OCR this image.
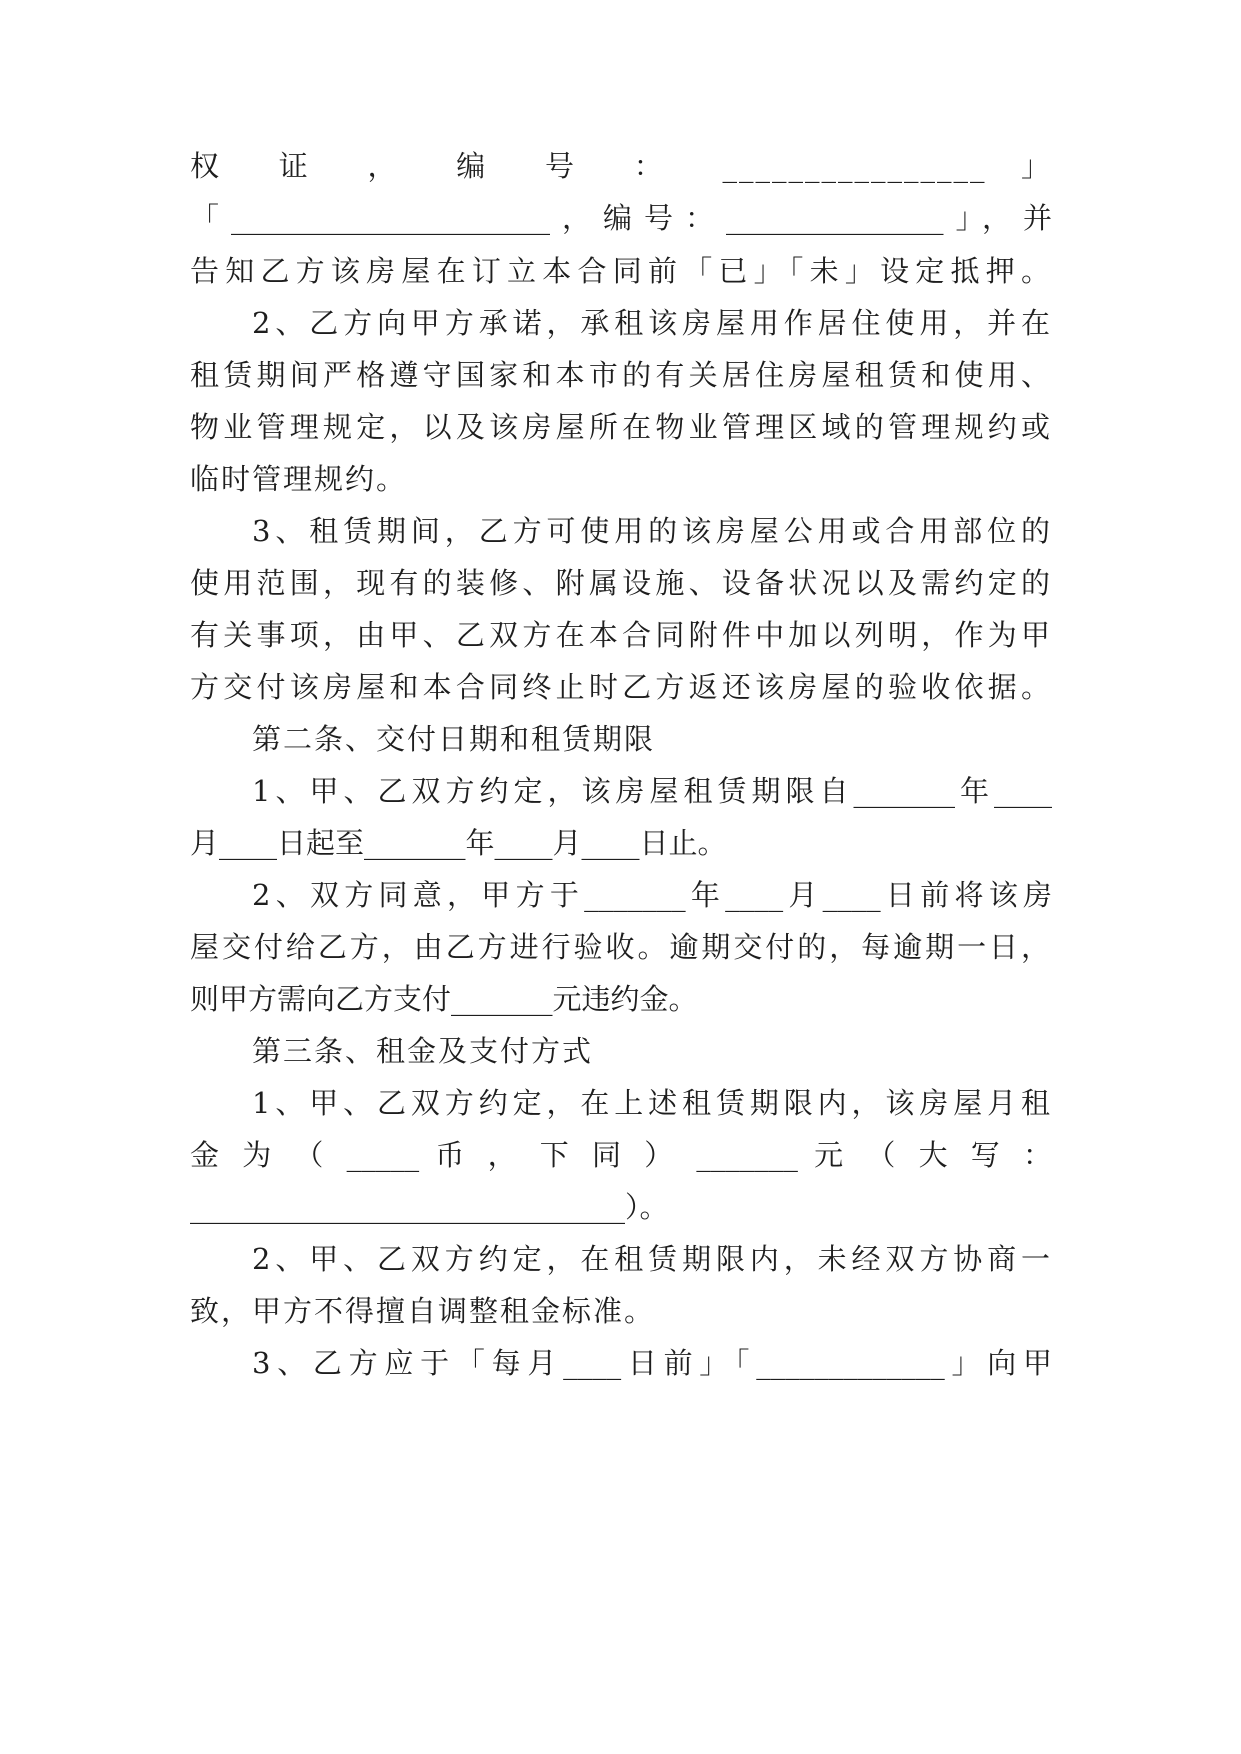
权 证 ， 编 号 ： ________________ 」
「______________________，编号：_______________」，并
告知乙方该房屋在订立本合同前「已」「未」设定抵押。
2、乙方向甲方承诺，承租该房屋用作居住使用，并在
租赁期间严格遵守国家和本市的有关居住房屋租赁和使用、
物业管理规定，以及该房屋所在物业管理区域的管理规约或
临时管理规约。
3、租赁期间，乙方可使用的该房屋公用或合用部位的
使用范围，现有的装修、附属设施、设备状况以及需约定的
有关事项，由甲、乙双方在本合同附件中加以列明，作为甲
方交付该房屋和本合同终止时乙方返还该房屋的验收依据。
第二条、交付日期和租赁期限
1、甲、乙双方约定，该房屋租赁期限自_______年____
月____日起至_______年____月____日止。
2、双方同意，甲方于_______年____月____日前将该房
屋交付给乙方，由乙方进行验收。逾期交付的，每逾期一日，
则甲方需向乙方支付_______元违约金。
第三条、租金及支付方式
1、甲、乙双方约定，在上述租赁期限内，该房屋月租
金 为 （ _____ 币 ， 下 同 ） _______ 元 （ 大 写 ：
______________________________）。
2、甲、乙双方约定，在租赁期限内，未经双方协商一
致，甲方不得擅自调整租金标准。
3、乙方应于「每月____日前」「_____________」向甲
